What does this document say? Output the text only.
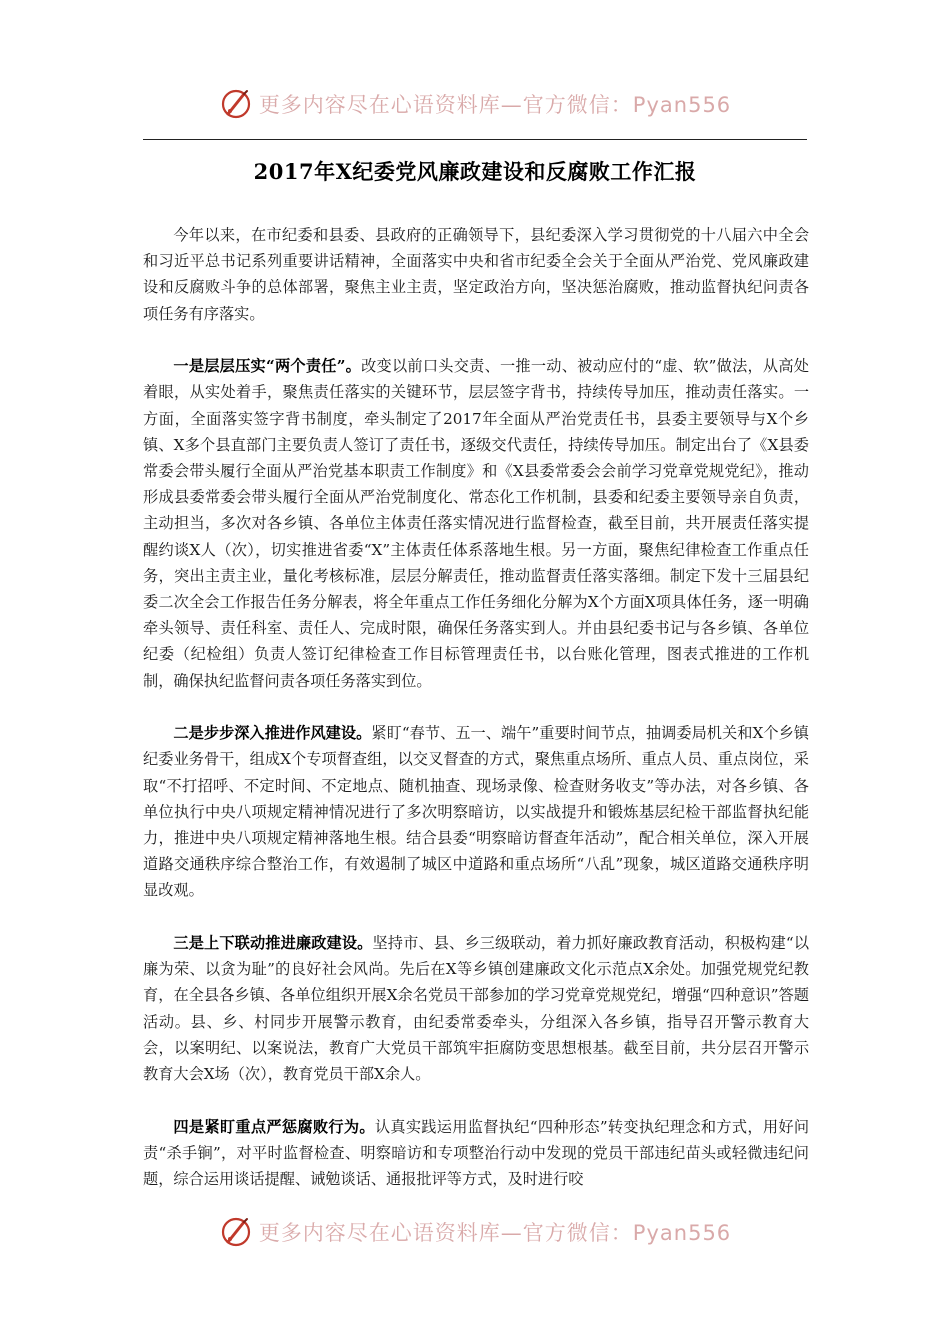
更多内容尽在心语资料库—官方微信：Pyan556
2017年X纪委党风廉政建设和反腐败工作汇报

今年以来，在市纪委和县委、县政府的正确领导下，县纪委深入学习贯彻党的十八届六中全会和习近平总书记系列重要讲话精神，全面落实中央和省市纪委全会关于全面从严治党、党风廉政建设和反腐败斗争的总体部署，聚焦主业主责，坚定政治方向，坚决惩治腐败，推动监督执纪问责各项任务有序落实。

一是层层压实“两个责任”。改变以前口头交责、一推一动、被动应付的“虚、软”做法，从高处着眼，从实处着手，聚焦责任落实的关键环节，层层签字背书，持续传导加压，推动责任落实。一方面，全面落实签字背书制度，牵头制定了2017年全面从严治党责任书，县委主要领导与X个乡镇、X多个县直部门主要负责人签订了责任书，逐级交代责任，持续传导加压。制定出台了《X县委常委会带头履行全面从严治党基本职责工作制度》和《X县委常委会会前学习党章党规党纪》，推动形成县委常委会带头履行全面从严治党制度化、常态化工作机制，县委和纪委主要领导亲自负责，主动担当，多次对各乡镇、各单位主体责任落实情况进行监督检查，截至目前，共开展责任落实提醒约谈X人（次），切实推进省委“X”主体责任体系落地生根。另一方面，聚焦纪律检查工作重点任务，突出主责主业，量化考核标准，层层分解责任，推动监督责任落实落细。制定下发十三届县纪委二次全会工作报告任务分解表，将全年重点工作任务细化分解为X个方面X项具体任务，逐一明确牵头领导、责任科室、责任人、完成时限，确保任务落实到人。并由县纪委书记与各乡镇、各单位纪委（纪检组）负责人签订纪律检查工作目标管理责任书，以台账化管理，图表式推进的工作机制，确保执纪监督问责各项任务落实到位。

二是步步深入推进作风建设。紧盯“春节、五一、端午”重要时间节点，抽调委局机关和X个乡镇纪委业务骨干，组成X个专项督查组，以交叉督查的方式，聚焦重点场所、重点人员、重点岗位，采取“不打招呼、不定时间、不定地点、随机抽查、现场录像、检查财务收支”等办法，对各乡镇、各单位执行中央八项规定精神情况进行了多次明察暗访，以实战提升和锻炼基层纪检干部监督执纪能力，推进中央八项规定精神落地生根。结合县委“明察暗访督查年活动”，配合相关单位，深入开展道路交通秩序综合整治工作，有效遏制了城区中道路和重点场所“八乱”现象，城区道路交通秩序明显改观。

三是上下联动推进廉政建设。坚持市、县、乡三级联动，着力抓好廉政教育活动，积极构建“以廉为荣、以贪为耻”的良好社会风尚。先后在X等乡镇创建廉政文化示范点X余处。加强党规党纪教育，在全县各乡镇、各单位组织开展X余名党员干部参加的学习党章党规党纪，增强“四种意识”答题活动。县、乡、村同步开展警示教育，由纪委常委牵头，分组深入各乡镇，指导召开警示教育大会，以案明纪、以案说法，教育广大党员干部筑牢拒腐防变思想根基。截至目前，共分层召开警示教育大会X场（次），教育党员干部X余人。

四是紧盯重点严惩腐败行为。认真实践运用监督执纪“四种形态”转变执纪理念和方式，用好问责“杀手锏”，对平时监督检查、明察暗访和专项整治行动中发现的党员干部违纪苗头或轻微违纪问题，综合运用谈话提醒、诫勉谈话、通报批评等方式，及时进行咬

更多内容尽在心语资料库—官方微信：Pyan556
